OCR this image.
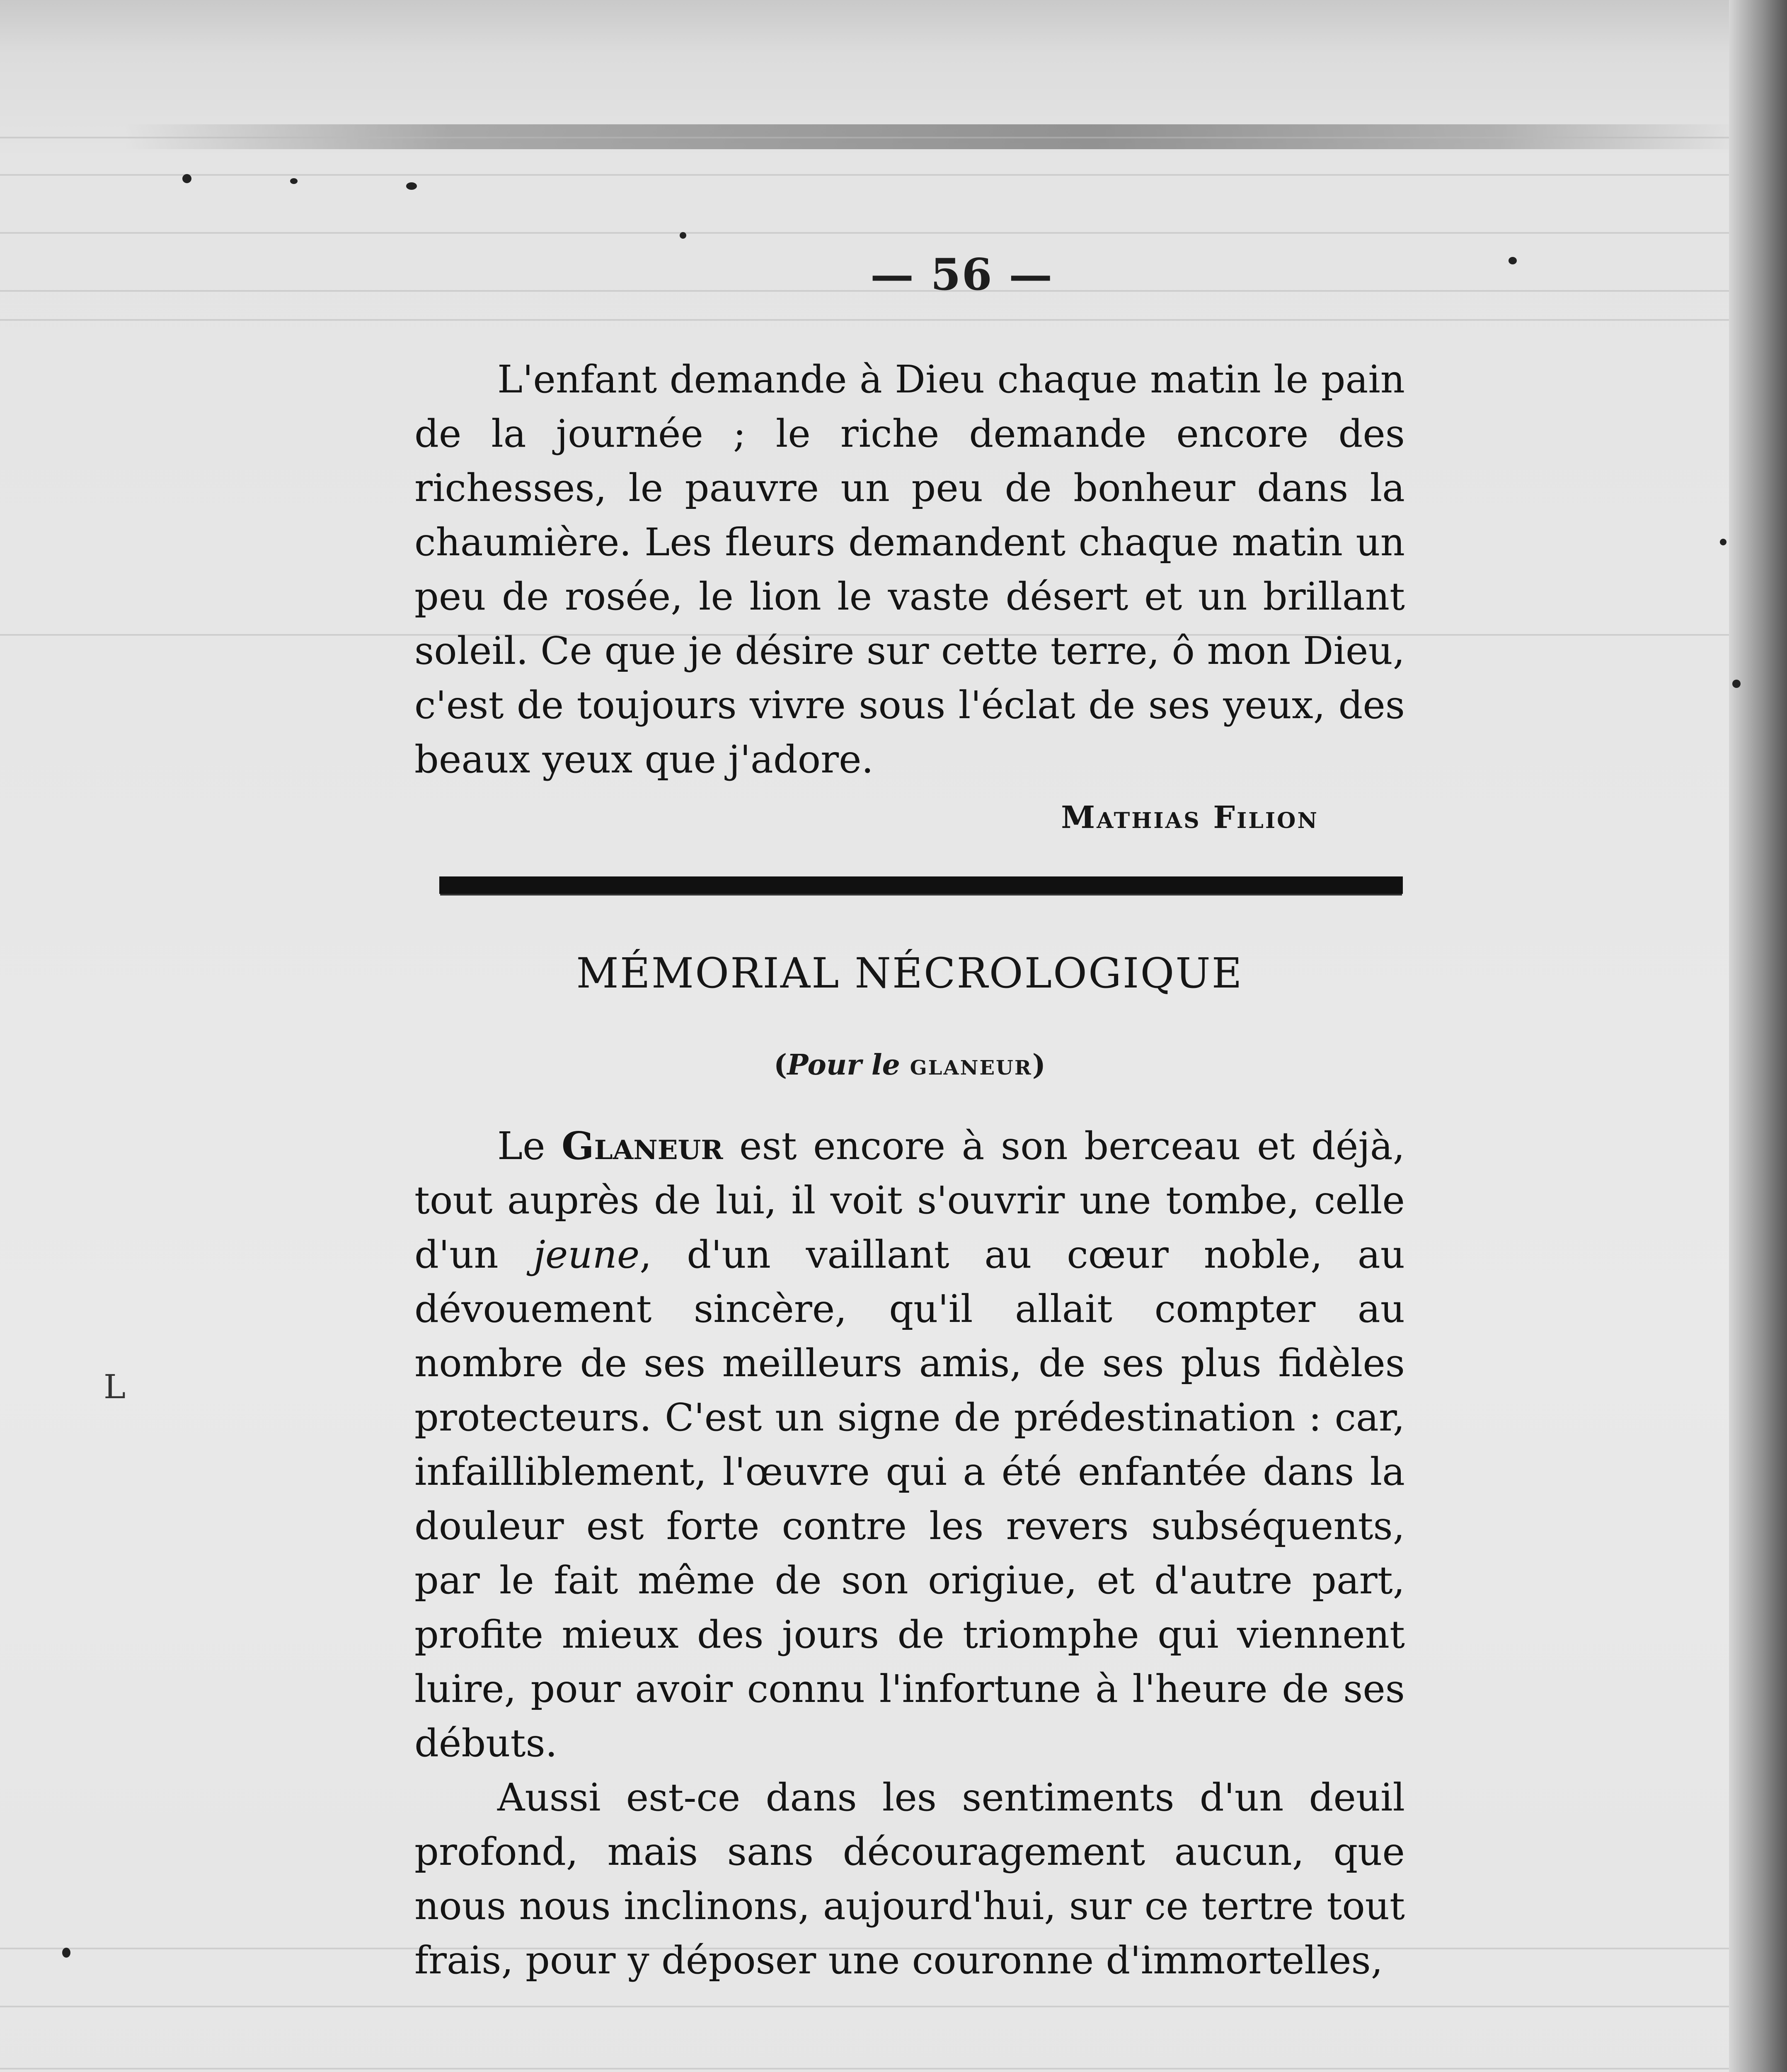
— 56 —

L'enfant demande à Dieu chaque matin le pain de la journée ; le riche demande encore des richesses, le pauvre un peu de bonheur dans la chaumière. Les fleurs demandent chaque matin un peu de rosée, le lion le vaste désert et un brillant soleil. Ce que je désire sur cette terre, ô mon Dieu, c'est de toujours vivre sous l'éclat de ses yeux, des beaux yeux que j'adore.

Mathias Filion
MÉMORIAL NÉCROLOGIQUE
(Pour le glaneur)

Le Glaneur est encore à son berceau et déjà, tout auprès de lui, il voit s'ouvrir une tombe, celle d'un jeune, d'un vaillant au cœur noble, au dévouement sincère, qu'il allait compter au nombre de ses meilleurs amis, de ses plus fidèles protecteurs. C'est un signe de prédestination : car, infailliblement, l'œuvre qui a été enfantée dans la douleur est forte contre les revers subséquents, par le fait même de son origiue, et d'autre part, profite mieux des jours de triomphe qui viennent luire, pour avoir connu l'infortune à l'heure de ses débuts.

Aussi est-ce dans les sentiments d'un deuil profond, mais sans découragement aucun, que nous nous inclinons, aujourd'hui, sur ce tertre tout frais, pour y déposer une couronne d'immortelles,

L
